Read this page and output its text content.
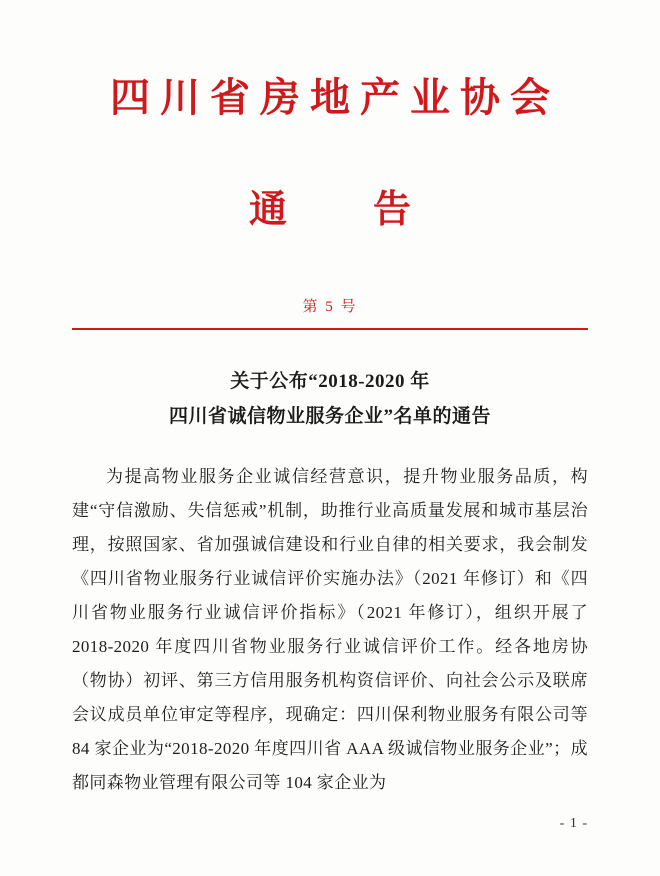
四川省房地产业协会
通　告
第 5 号
关于公布“2018-2020 年
四川省诚信物业服务企业”名单的通告

为提高物业服务企业诚信经营意识，提升物业服务品质，构建“守信激励、失信惩戒”机制，助推行业高质量发展和城市基层治理，按照国家、省加强诚信建设和行业自律的相关要求，我会制发《四川省物业服务行业诚信评价实施办法》（2021 年修订）和《四川省物业服务行业诚信评价指标》（2021 年修订），组织开展了 2018-2020 年度四川省物业服务行业诚信评价工作。经各地房协（物协）初评、第三方信用服务机构资信评价、向社会公示及联席会议成员单位审定等程序，现确定：四川保利物业服务有限公司等 84 家企业为“2018-2020 年度四川省 AAA 级诚信物业服务企业”；成都同森物业管理有限公司等 104 家企业为

- 1 -
